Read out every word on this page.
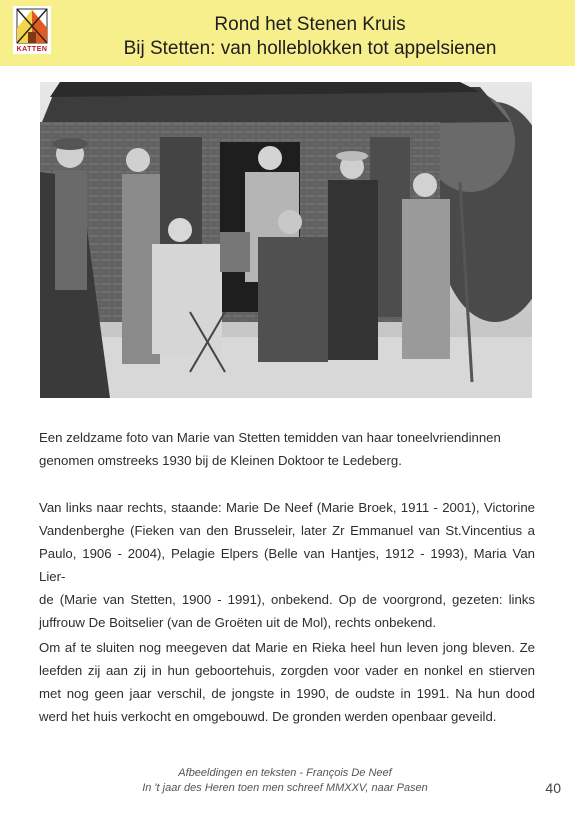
KATTEN
Rond het Stenen Kruis
Bij Stetten: van holleblokken tot appelsienen
Een zeldzame foto van Marie van Stetten temidden van haar toneelvriendinnen
genomen omstreeks 1930 bij de Kleinen Doktoor te Ledeberg.
Van links naar rechts, staande: Marie De Neef (Marie Broek, 1911 - 2001), Victorine
Vandenberghe (Fieken van den Brusseleir, later Zr Emmanuel van St.Vincentius a
Paulo, 1906 - 2004), Pelagie Elpers (Belle van Hantjes, 1912 - 1993), Maria Van Lier-
de (Marie van Stetten, 1900 - 1991), onbekend. Op de voorgrond, gezeten: links
juffrouw De Boitselier (van de Groëten uit de Mol), rechts onbekend.
Om af te sluiten nog meegeven dat Marie en Rieka heel hun leven jong bleven. Ze
leefden zij aan zij in hun geboortehuis, zorgden voor vader en nonkel en stierven
met nog geen jaar verschil, de jongste in 1990, de oudste in 1991. Na hun dood
werd het huis verkocht en omgebouwd. De gronden werden openbaar geveild.
Afbeeldingen en teksten - François De Neef
In 't jaar des Heren toen men schreef MMXXV, naar Pasen	40
